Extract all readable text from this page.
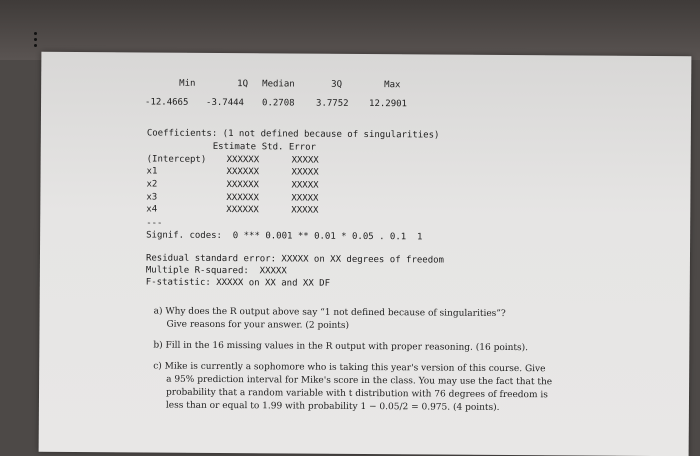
Min	1Q Median	3Q	Max
-12.4665 -3.7444 0.2708 3.7752 12.2901
Coefficients: (1 not defined because of singularities)
Estimate Std. Error
(Intercept) XXXXXX	XXXXX
x1	XXXXXX	XXXXX
x2	XXXXXX	XXXXX
x3	XXXXXX	XXXXX
x4	XXXXXX	XXXXX
---
Signif. codes:  0 *** 0.001 ** 0.01 * 0.05 . 0.1  1
Residual standard error: XXXXX on XX degrees of freedom
Multiple R-squared:  XXXXX
F-statistic: XXXXX on XX and XX DF
a) Why does the R output above say “1 not defined because of singularities”?
Give reasons for your answer. (2 points)
b) Fill in the 16 missing values in the R output with proper reasoning. (16 points).
c) Mike is currently a sophomore who is taking this year's version of this course. Give
a 95% prediction interval for Mike's score in the class. You may use the fact that the
probability that a random variable with t distribution with 76 degrees of freedom is
less than or equal to 1.99 with probability 1 − 0.05/2 = 0.975. (4 points).
